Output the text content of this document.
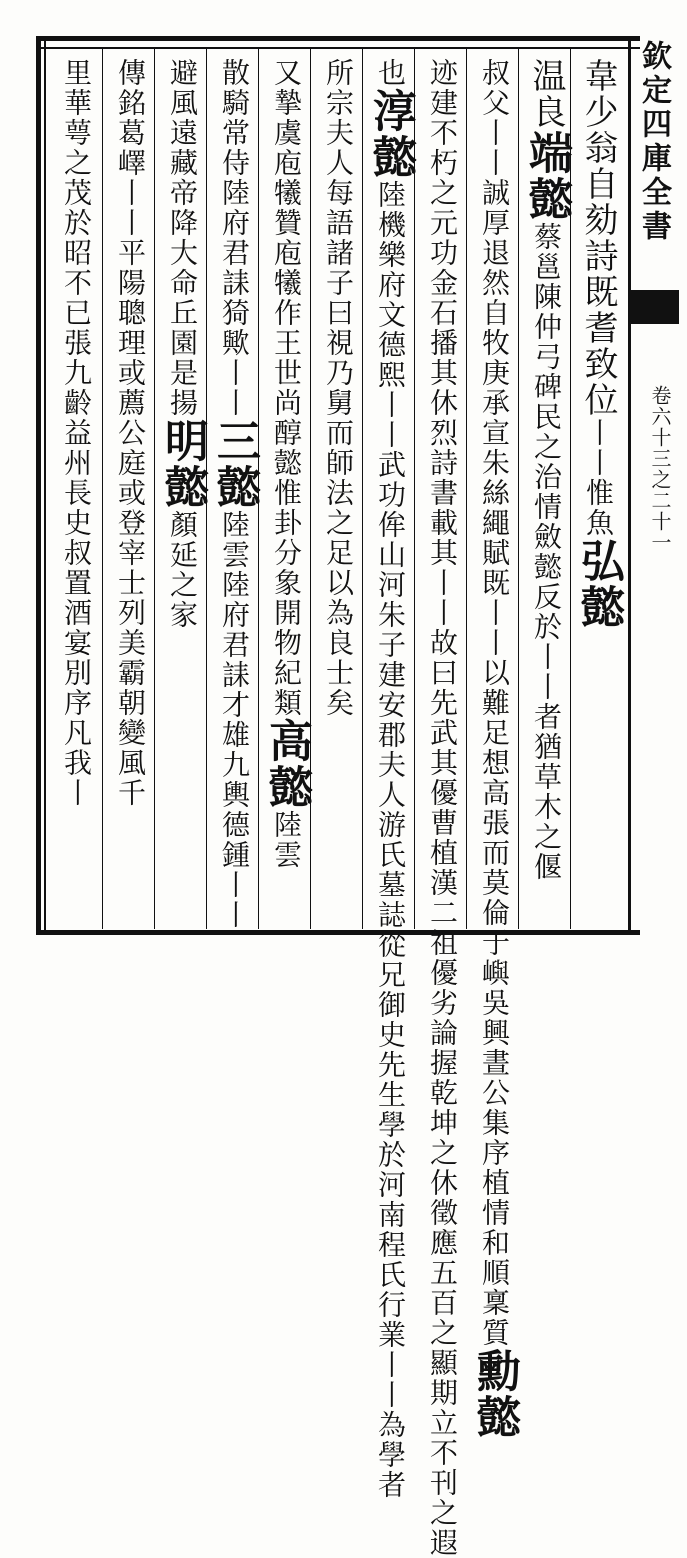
欽定四庫全書
卷六十三之二十一
韋少翁自劾詩既耆致位丨丨惟魚弘懿
温良端懿蔡邕陳仲弓碑民之治情斂懿反於丨丨者猶草木之偃
叔父丨丨誠厚退然自牧庚承宣朱絲繩賦既丨丨以難足想高張而莫倫于嶼吳興晝公集序植情和順稟質勳懿
迹建不朽之元功金石播其休烈詩書載其丨丨故曰先武其優曹植漢二祖優劣論握乾坤之休徵應五百之顯期立不刊之遐
也淳懿陸機樂府文德熙丨丨武功侔山河朱子建安郡夫人游氏墓誌從兄御史先生學於河南程氏行業丨丨為學者
所宗夫人每語諸子曰視乃舅而師法之足以為良士矣
又摯虞庖犧贊庖犧作王世尚醇懿惟卦分象開物紀類高懿陸雲
散騎常侍陸府君誄猗歟丨丨三懿陸雲陸府君誄才雄九輿德鍾丨丨
避風遠藏帝降大命丘園是揚明懿顏延之家
傳銘葛嶧丨丨平陽聰理或薦公庭或登宰士列美霸朝變風千
里華萼之茂於昭不已張九齡益州長史叔置酒宴別序凡我丨
